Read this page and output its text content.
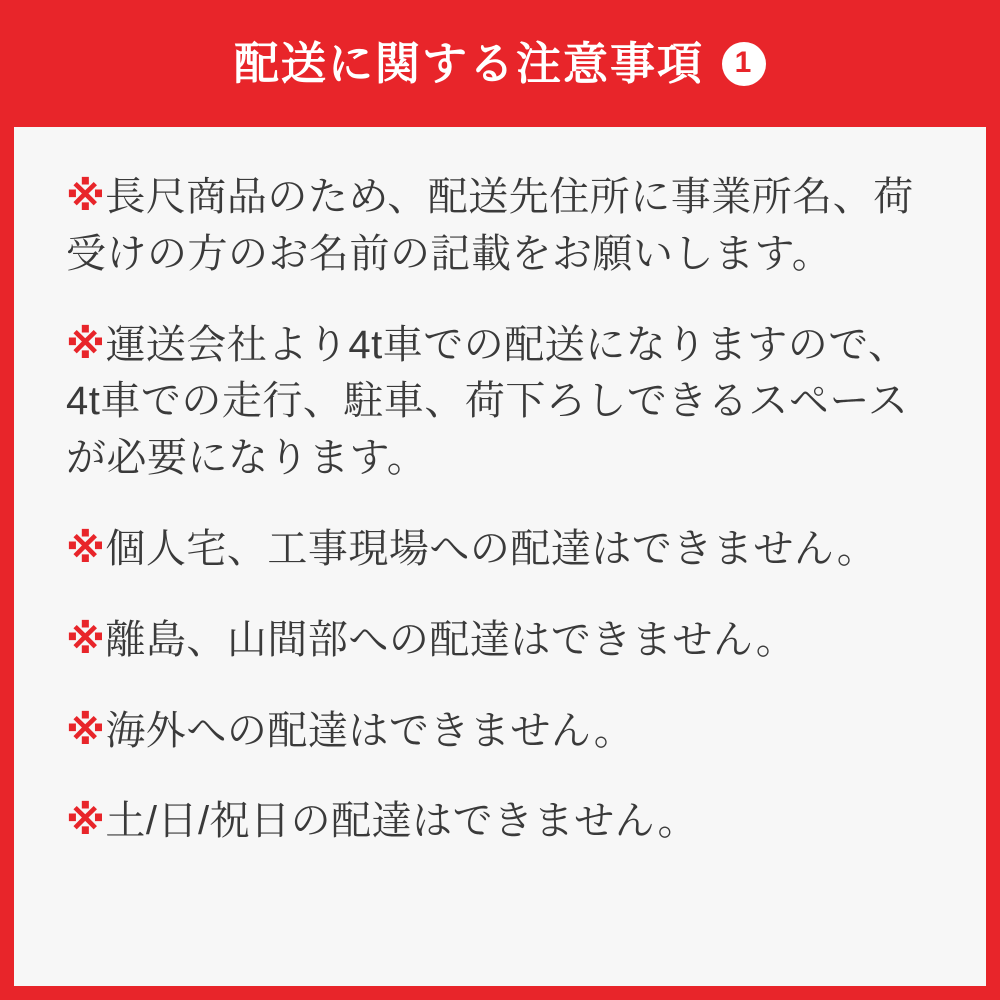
配送に関する注意事項	1
※長尺商品のため、配送先住所に事業所名、荷受けの方のお名前の記載をお願いします。
※運送会社より4t車での配送になりますので、4t車での走行、駐車、荷下ろしできるスペースが必要になります。
※個人宅、工事現場への配達はできません。
※離島、山間部への配達はできません。
※海外への配達はできません。
※土/日/祝日の配達はできません。
